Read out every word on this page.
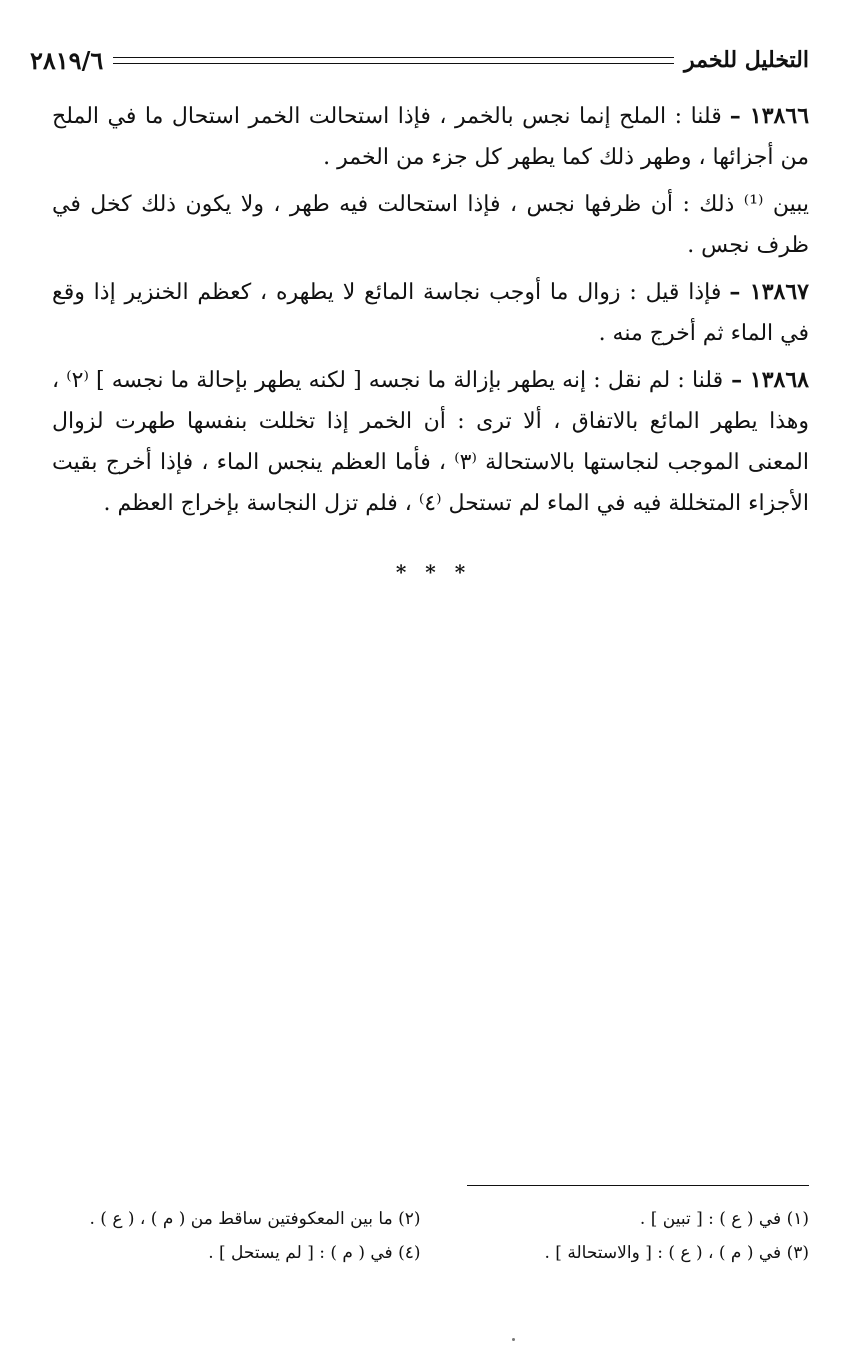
التخليل للخمر
٢٨١٩/٦

١٣٨٦٦ –قلنا : الملح إنما نجس بالخمر ، فإذا استحالت الخمر استحال ما في الملح من أجزائها ، وطهر ذلك كما يطهر كل جزء من الخمر .

يبين ⁽¹⁾ ذلك : أن ظرفها نجس ، فإذا استحالت فيه طهر ، ولا يكون ذلك كخل في ظرف نجس .

١٣٨٦٧ –فإذا قيل : زوال ما أوجب نجاسة المائع لا يطهره ، كعظم الخنزير إذا وقع في الماء ثم أخرج منه .

١٣٨٦٨ –قلنا : لم نقل : إنه يطهر بإزالة ما نجسه [ لكنه يطهر بإحالة ما نجسه ] ⁽٢⁾ ، وهذا يطهر المائع بالاتفاق ، ألا ترى : أن الخمر إذا تخللت بنفسها طهرت لزوال المعنى الموجب لنجاستها بالاستحالة ⁽٣⁾ ، فأما العظم ينجس الماء ، فإذا أخرج بقيت الأجزاء المتخللة فيه في الماء لم تستحل ⁽٤⁾ ، فلم تزل النجاسة بإخراج العظم .

* * *
(١) في ( ع ) : [ تبين ] .
(٢) ما بين المعكوفتين ساقط من ( م ) ، ( ع ) .
(٣) في ( م ) ، ( ع ) : [ والاستحالة ] .
(٤) في ( م ) : [ لم يستحل ] .
